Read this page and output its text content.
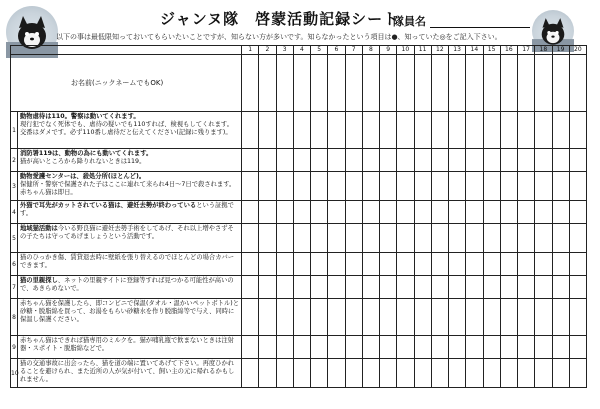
ジャンヌ隊　啓蒙活動記録シート
隊員名
以下の事は最低限知っておいてもらいたいことですが、知らない方が多いです。知らなかったという項目は●、知っていた◎をご記入下さい。
		1	2	3	4	5	6	7	8	9	10	11	12	13	14	15	16	17	18	19	20
お名前(ニックネームでもOK)																					
1	動物虐待は110。警察は動いてくれます。
現行犯でなく死体でも、虐待の疑いでも110すれば、検視もしてくれます。交番はダメです。必ず110番し虐待だと伝えてください(記録に残ります)。																				
2	消防署119は、動物の為にも動いてくれます。
猫が高いところから降りれないときは119。																				
3	動物愛護センターは、殺処分所(ほとんど)。
保健所・警察で保護された子はここに連れて来られ4日〜7日で殺されます。赤ちゃん猫は即日。																				
4	外猫で耳先がカットされている猫は、避妊去勢が終わっているという証拠です。																				
5	地域猫活動は今いる野良猫に避妊去勢手術をしてあげ、それ以上増やさずその子たちは守ってあげましょうという活動です。																				
6	猫のひっかき傷、賃貸退去時に壁紙を張り替えるのでほとんどの場合カバーできます。																				
7	猫の里親探し、ネットの里親サイトに登録等すれば見つかる可能性が高いので、あきらめないで。																				
8	赤ちゃん猫を保護したら、即コンビニで保温(タオル・温かいペットボトル)と砂糖・脱脂綿を買って、お湯をもらい砂糖水を作り脱脂綿等で与え、同時に保温し保護ください。																				
9	赤ちゃん猫はできれば猫専用のミルクを。猫が哺乳瓶で飲まないときは注射器・スポイト・脱脂綿などで。																				
10	猫の交通事故に出会ったら、猫を道の端に置いてあげて下さい。再度ひかれることを避けられ、また近所の人が気が付いて、飼い主の元に帰れるかもしれません。																				
